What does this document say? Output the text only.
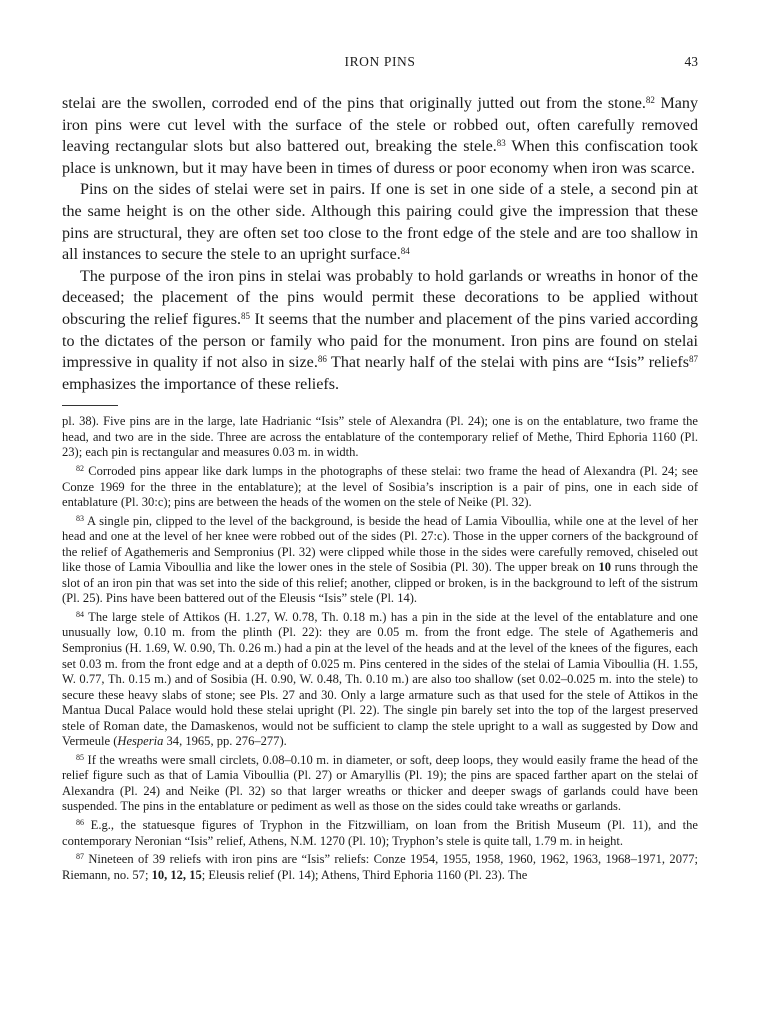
IRON PINS	43

stelai are the swollen, corroded end of the pins that originally jutted out from the stone.$^{82}$ Many iron pins were cut level with the surface of the stele or robbed out, often carefully removed leaving rectangular slots but also battered out, breaking the stele.$^{83}$ When this confiscation took place is unknown, but it may have been in times of duress or poor economy when iron was scarce.

Pins on the sides of stelai were set in pairs. If one is set in one side of a stele, a second pin at the same height is on the other side. Although this pairing could give the impression that these pins are structural, they are often set too close to the front edge of the stele and are too shallow in all instances to secure the stele to an upright surface.$^{84}$

The purpose of the iron pins in stelai was probably to hold garlands or wreaths in honor of the deceased; the placement of the pins would permit these decorations to be applied without obscuring the relief figures.$^{85}$ It seems that the number and placement of the pins varied according to the dictates of the person or family who paid for the monument. Iron pins are found on stelai impressive in quality if not also in size.$^{86}$ That nearly half of the stelai with pins are “Isis” reliefs$^{87}$ emphasizes the importance of these reliefs.

pl. 38). Five pins are in the large, late Hadrianic “Isis” stele of Alexandra (Pl. 24); one is on the entablature, two frame the head, and two are in the side. Three are across the entablature of the contemporary relief of Methe, Third Ephoria 1160 (Pl. 23); each pin is rectangular and measures 0.03 m. in width.

$^{82}$ Corroded pins appear like dark lumps in the photographs of these stelai: two frame the head of Alexandra (Pl. 24; see Conze 1969 for the three in the entablature); at the level of Sosibia’s inscription is a pair of pins, one in each side of entablature (Pl. 30:c); pins are between the heads of the women on the stele of Neike (Pl. 32).

$^{83}$ A single pin, clipped to the level of the background, is beside the head of Lamia Viboullia, while one at the level of her head and one at the level of her knee were robbed out of the sides (Pl. 27:c). Those in the upper corners of the background of the relief of Agathemeris and Sempronius (Pl. 32) were clipped while those in the sides were carefully removed, chiseled out like those of Lamia Viboullia and like the lower ones in the stele of Sosibia (Pl. 30). The upper break on 10 runs through the slot of an iron pin that was set into the side of this relief; another, clipped or broken, is in the background to left of the sistrum (Pl. 25). Pins have been battered out of the Eleusis “Isis” stele (Pl. 14).

$^{84}$ The large stele of Attikos (H. 1.27, W. 0.78, Th. 0.18 m.) has a pin in the side at the level of the entablature and one unusually low, 0.10 m. from the plinth (Pl. 22): they are 0.05 m. from the front edge. The stele of Agathemeris and Sempronius (H. 1.69, W. 0.90, Th. 0.26 m.) had a pin at the level of the heads and at the level of the knees of the figures, each set 0.03 m. from the front edge and at a depth of 0.025 m. Pins centered in the sides of the stelai of Lamia Viboullia (H. 1.55, W. 0.77, Th. 0.15 m.) and of Sosibia (H. 0.90, W. 0.48, Th. 0.10 m.) are also too shallow (set 0.02–0.025 m. into the stele) to secure these heavy slabs of stone; see Pls. 27 and 30. Only a large armature such as that used for the stele of Attikos in the Mantua Ducal Palace would hold these stelai upright (Pl. 22). The single pin barely set into the top of the largest preserved stele of Roman date, the Damaskenos, would not be sufficient to clamp the stele upright to a wall as suggested by Dow and Vermeule (Hesperia 34, 1965, pp. 276–277).

$^{85}$ If the wreaths were small circlets, 0.08–0.10 m. in diameter, or soft, deep loops, they would easily frame the head of the relief figure such as that of Lamia Viboullia (Pl. 27) or Amaryllis (Pl. 19); the pins are spaced farther apart on the stelai of Alexandra (Pl. 24) and Neike (Pl. 32) so that larger wreaths or thicker and deeper swags of garlands could have been suspended. The pins in the entablature or pediment as well as those on the sides could take wreaths or garlands.

$^{86}$ E.g., the statuesque figures of Tryphon in the Fitzwilliam, on loan from the British Museum (Pl. 11), and the contemporary Neronian “Isis” relief, Athens, N.M. 1270 (Pl. 10); Tryphon’s stele is quite tall, 1.79 m. in height.

$^{87}$ Nineteen of 39 reliefs with iron pins are “Isis” reliefs: Conze 1954, 1955, 1958, 1960, 1962, 1963, 1968–1971, 2077; Riemann, no. 57; 10, 12, 15; Eleusis relief (Pl. 14); Athens, Third Ephoria 1160 (Pl. 23). The
